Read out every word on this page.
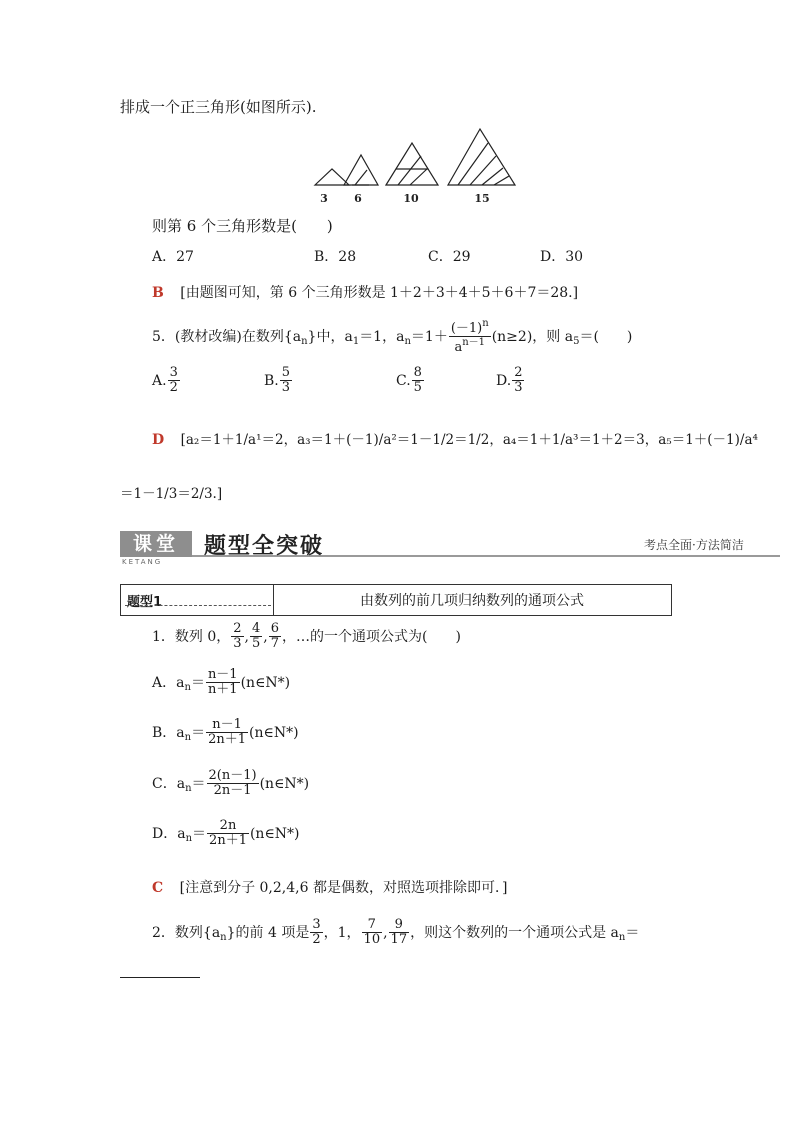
排成一个正三角形(如图所示).
3 6	10	15
则第 6 个三角形数是(　　)
A．27	B．28	C．29	D．30
B [由题图可知，第 6 个三角形数是 1＋2＋3＋4＋5＋6＋7＝28.]
5．(教材改编)在数列$\{a_n\}$中，$a_1=1$，$a_n=1+ \frac{(-1)^n}{a^{n-1}} (n\ge 2)$，则 $a_5=$(　　)
A. $\frac{3}{2}$	B. $\frac{5}{3}$	C. $\frac{8}{5}$	D. $\frac{2}{3}$
D [a₂＝1＋1/a¹＝2，a₃＝1＋(－1)/a²＝1－1/2＝1/2，a₄＝1＋1/a³＝1＋2＝3，a₅＝1＋(－1)/a⁴
＝1－1/3＝2/3.]
课堂
KETANG
题型全突破	考点全面·方法简洁
题型1	由数列的前几项归纳数列的通项公式
1．数列 0， $\frac{2}{3}$ , $\frac{4}{5}$ , $\frac{6}{7}$ ，…的一个通项公式为(　　)
A．$a_n= \frac{n-1}{n+1}$ (n∈N*)
B．$a_n= \frac{n-1}{2n+1}$ (n∈N*)
C．$a_n= \frac{2(n-1)}{2n-1}$ (n∈N*)
D．$a_n= \frac{2n}{2n+1}$ (n∈N*)
C [注意到分子 0,2,4,6 都是偶数，对照选项排除即可．]
2．数列$\{a_n\}$的前 4 项是 $\frac{3}{2}$ ，1， $\frac{7}{10}$ , $\frac{9}{17}$ ，则这个数列的一个通项公式是 $a_n=$
